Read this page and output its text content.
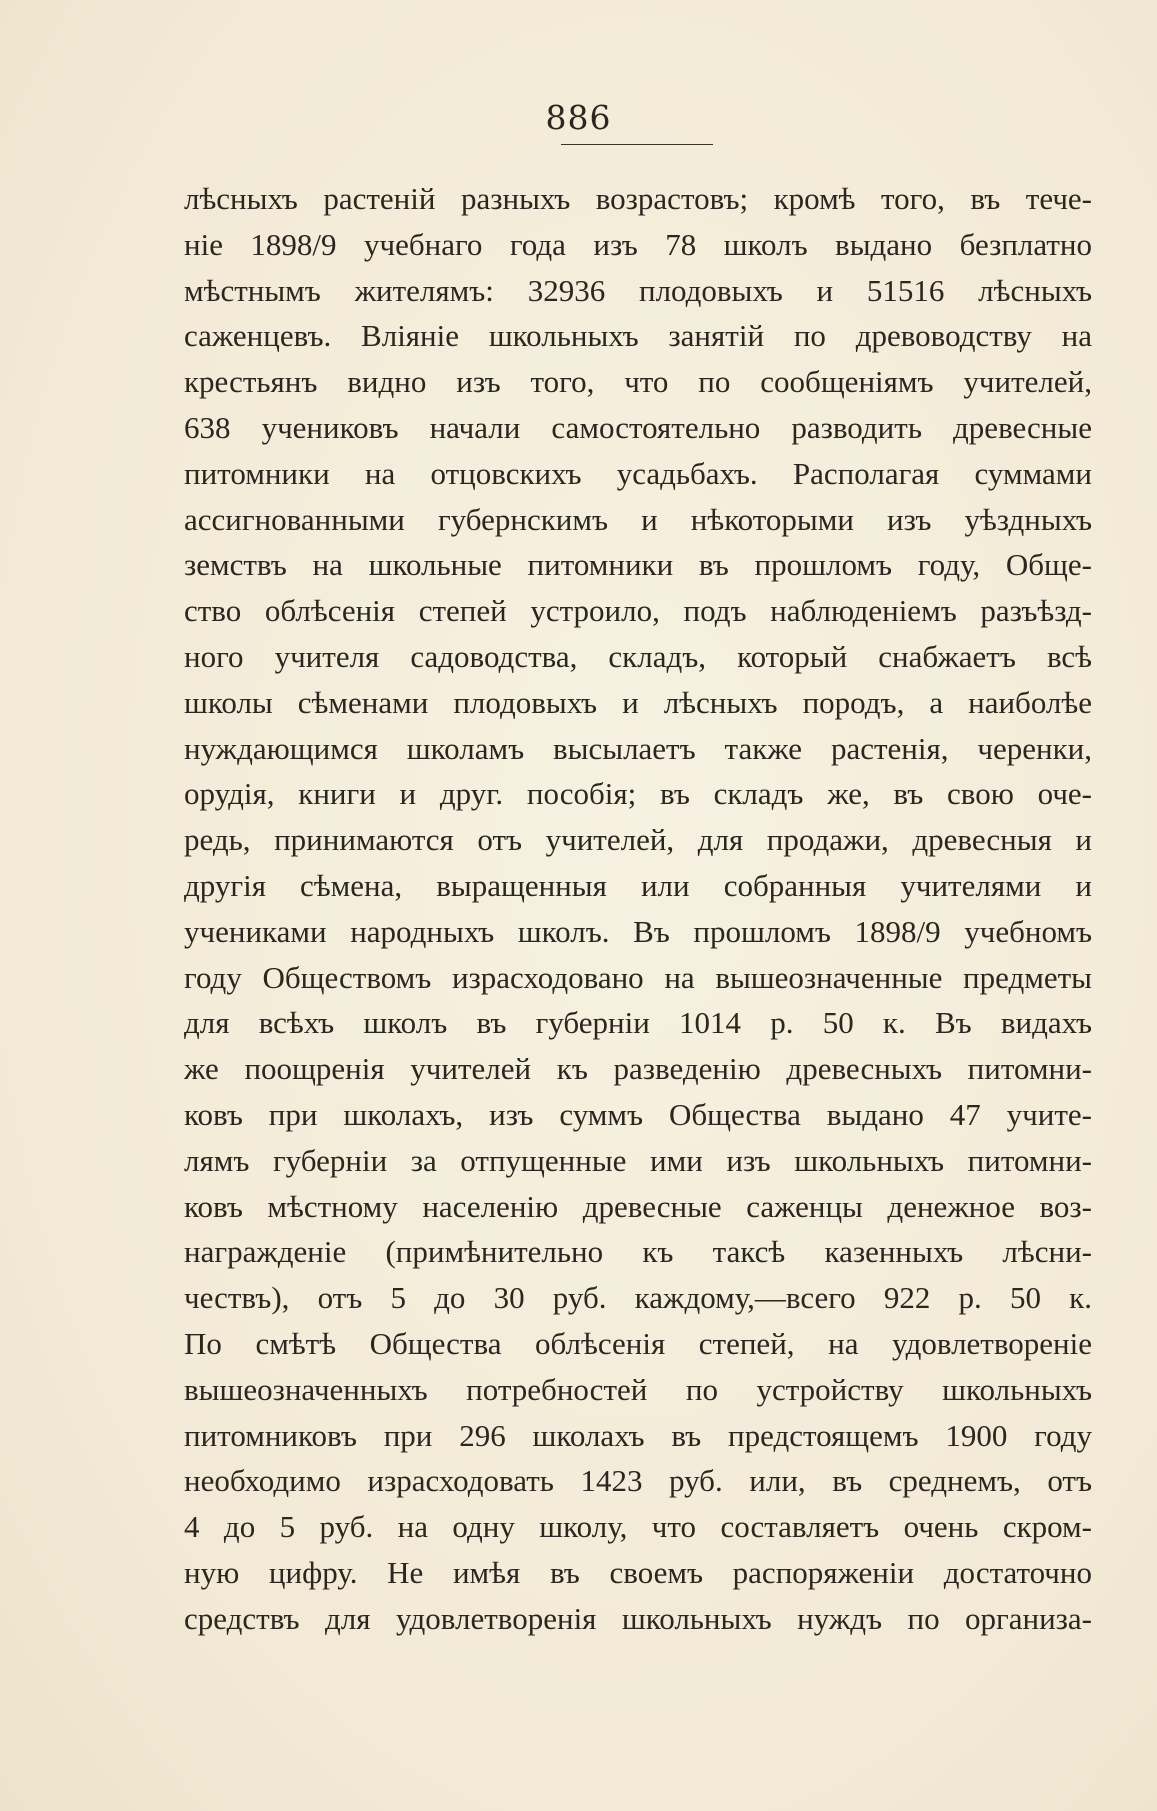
886
лѣсныхъ растеній разныхъ возрастовъ; кромѣ того, въ тече-
ніе 1898/9 учебнаго года изъ 78 школъ выдано безплатно
мѣстнымъ жителямъ: 32936 плодовыхъ и 51516 лѣсныхъ
саженцевъ. Вліяніе школьныхъ занятій по древоводству на
крестьянъ видно изъ того, что по сообщеніямъ учителей,
638 учениковъ начали самостоятельно разводить древесные
питомники на отцовскихъ усадьбахъ. Располагая суммами
ассигнованными губернскимъ и нѣкоторыми изъ уѣздныхъ
земствъ на школьные питомники въ прошломъ году, Обще-
ство облѣсенія степей устроило, подъ наблюденіемъ разъѣзд-
ного учителя садоводства, складъ, который снабжаетъ всѣ
школы сѣменами плодовыхъ и лѣсныхъ породъ, а наиболѣе
нуждающимся школамъ высылаетъ также растенія, черенки,
орудія, книги и друг. пособія; въ складъ же, въ свою оче-
редь, принимаются отъ учителей, для продажи, древесныя и
другія сѣмена, выращенныя или собранныя учителями и
учениками народныхъ школъ. Въ прошломъ 1898/9 учебномъ
году Обществомъ израсходовано на вышеозначенные предметы
для всѣхъ школъ въ губерніи 1014 р. 50 к. Въ видахъ
же поощренія учителей къ разведенію древесныхъ питомни-
ковъ при школахъ, изъ суммъ Общества выдано 47 учите-
лямъ губерніи за отпущенные ими изъ школьныхъ питомни-
ковъ мѣстному населенію древесные саженцы денежное воз-
награжденіе (примѣнительно къ таксѣ казенныхъ лѣсни-
чествъ), отъ 5 до 30 руб. каждому,—всего 922 р. 50 к.
По смѣтѣ Общества облѣсенія степей, на удовлетвореніе
вышеозначенныхъ потребностей по устройству школьныхъ
питомниковъ при 296 школахъ въ предстоящемъ 1900 году
необходимо израсходовать 1423 руб. или, въ среднемъ, отъ
4 до 5 руб. на одну школу, что составляетъ очень скром-
ную цифру. Не имѣя въ своемъ распоряженіи достаточно
средствъ для удовлетворенія школьныхъ нуждъ по организа-
